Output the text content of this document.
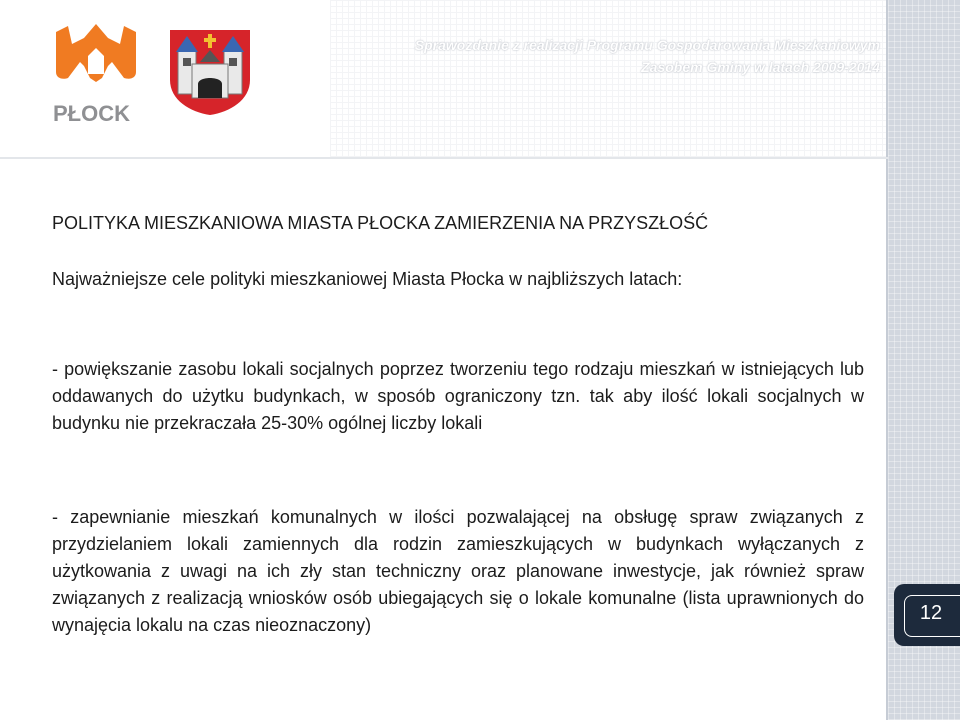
PŁOCK
Sprawozdanie z realizacji Programu Gospodarowania Mieszkaniowym
Zasobem Gminy w latach 2009-2014
POLITYKA MIESZKANIOWA MIASTA PŁOCKA ZAMIERZENIA NA PRZYSZŁOŚĆ
Najważniejsze cele polityki mieszkaniowej Miasta Płocka w najbliższych latach:
- powiększanie zasobu lokali socjalnych poprzez tworzeniu tego rodzaju mieszkań w istniejących lub oddawanych do użytku budynkach, w sposób ograniczony tzn. tak aby ilość lokali socjalnych w budynku nie przekraczała 25-30% ogólnej liczby lokali
- zapewnianie mieszkań komunalnych w ilości pozwalającej na obsługę spraw związanych z przydzielaniem lokali zamiennych dla rodzin zamieszkujących w budynkach wyłączanych z użytkowania z uwagi na ich zły stan techniczny oraz planowane inwestycje, jak również spraw związanych z realizacją wniosków osób ubiegających się o lokale komunalne (lista uprawnionych do wynajęcia lokalu na czas nieoznaczony)
12
